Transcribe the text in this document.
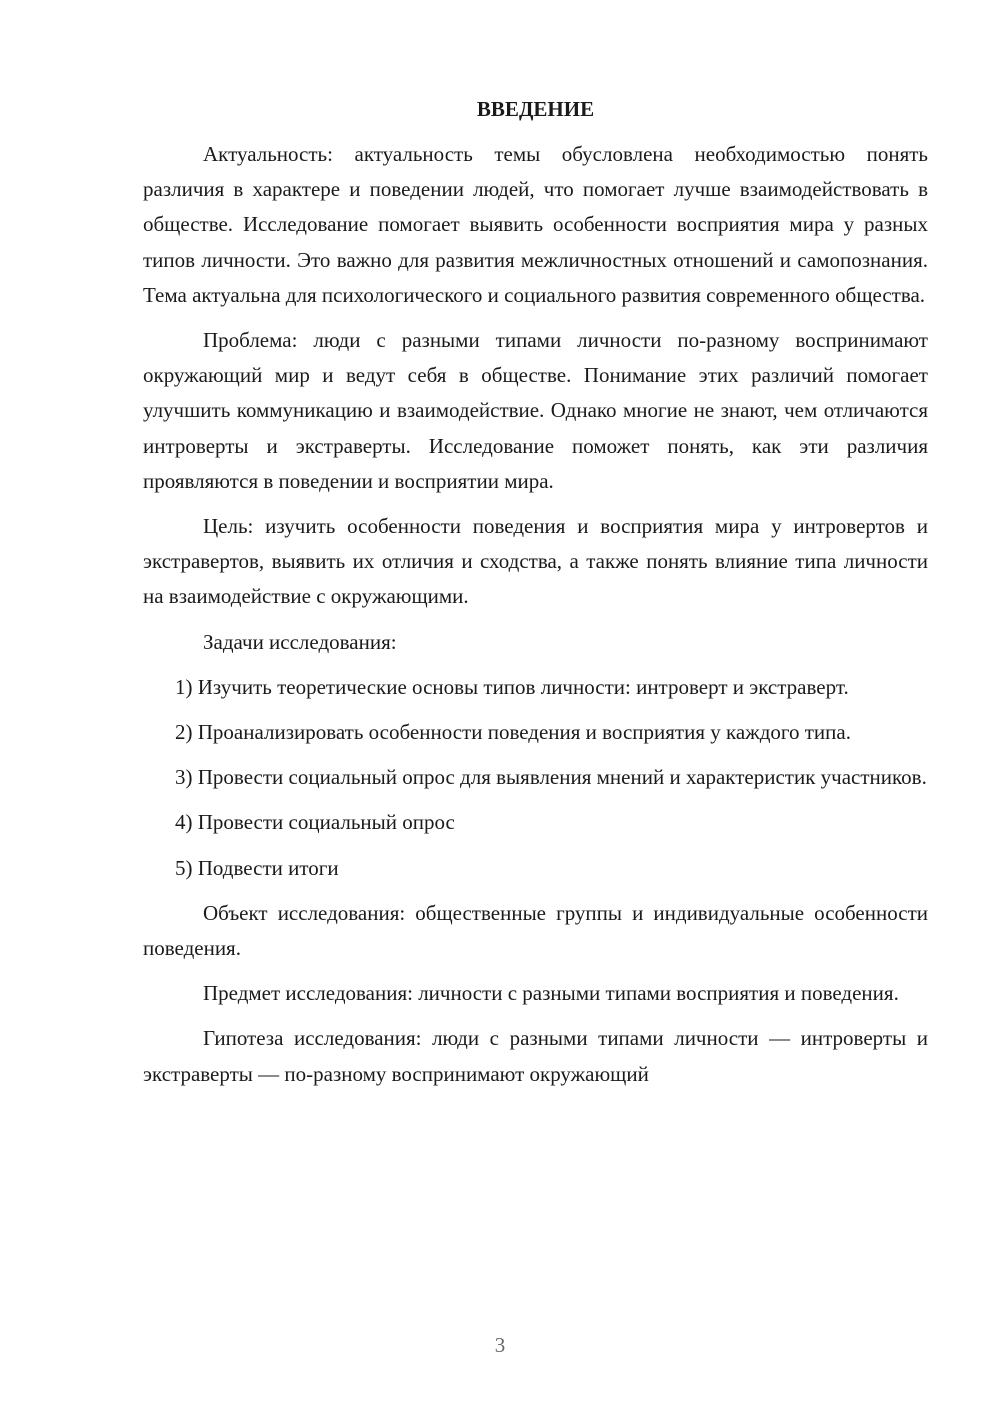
ВВЕДЕНИЕ

Актуальность: актуальность темы обусловлена необходимостью понять различия в характере и поведении людей, что помогает лучше взаимодействовать в обществе. Исследование помогает выявить особенности восприятия мира у разных типов личности. Это важно для развития межличностных отношений и самопознания. Тема актуальна для психологического и социального развития современного общества.

Проблема: люди с разными типами личности по-разному воспринимают окружающий мир и ведут себя в обществе. Понимание этих различий помогает улучшить коммуникацию и взаимодействие. Однако многие не знают, чем отличаются интроверты и экстраверты. Исследование поможет понять, как эти различия проявляются в поведении и восприятии мира.

Цель: изучить особенности поведения и восприятия мира у интровертов и экстравертов, выявить их отличия и сходства, а также понять влияние типа личности на взаимодействие с окружающими.

Задачи исследования:

1) Изучить теоретические основы типов личности: интроверт и экстраверт.

2) Проанализировать особенности поведения и восприятия у каждого типа.

3) Провести социальный опрос для выявления мнений и характеристик участников.

4) Провести социальный опрос

5) Подвести итоги

Объект исследования: общественные группы и индивидуальные особенности поведения.

Предмет исследования: личности с разными типами восприятия и поведения.

Гипотеза исследования: люди с разными типами личности — интроверты и экстраверты — по-разному воспринимают окружающий

3
